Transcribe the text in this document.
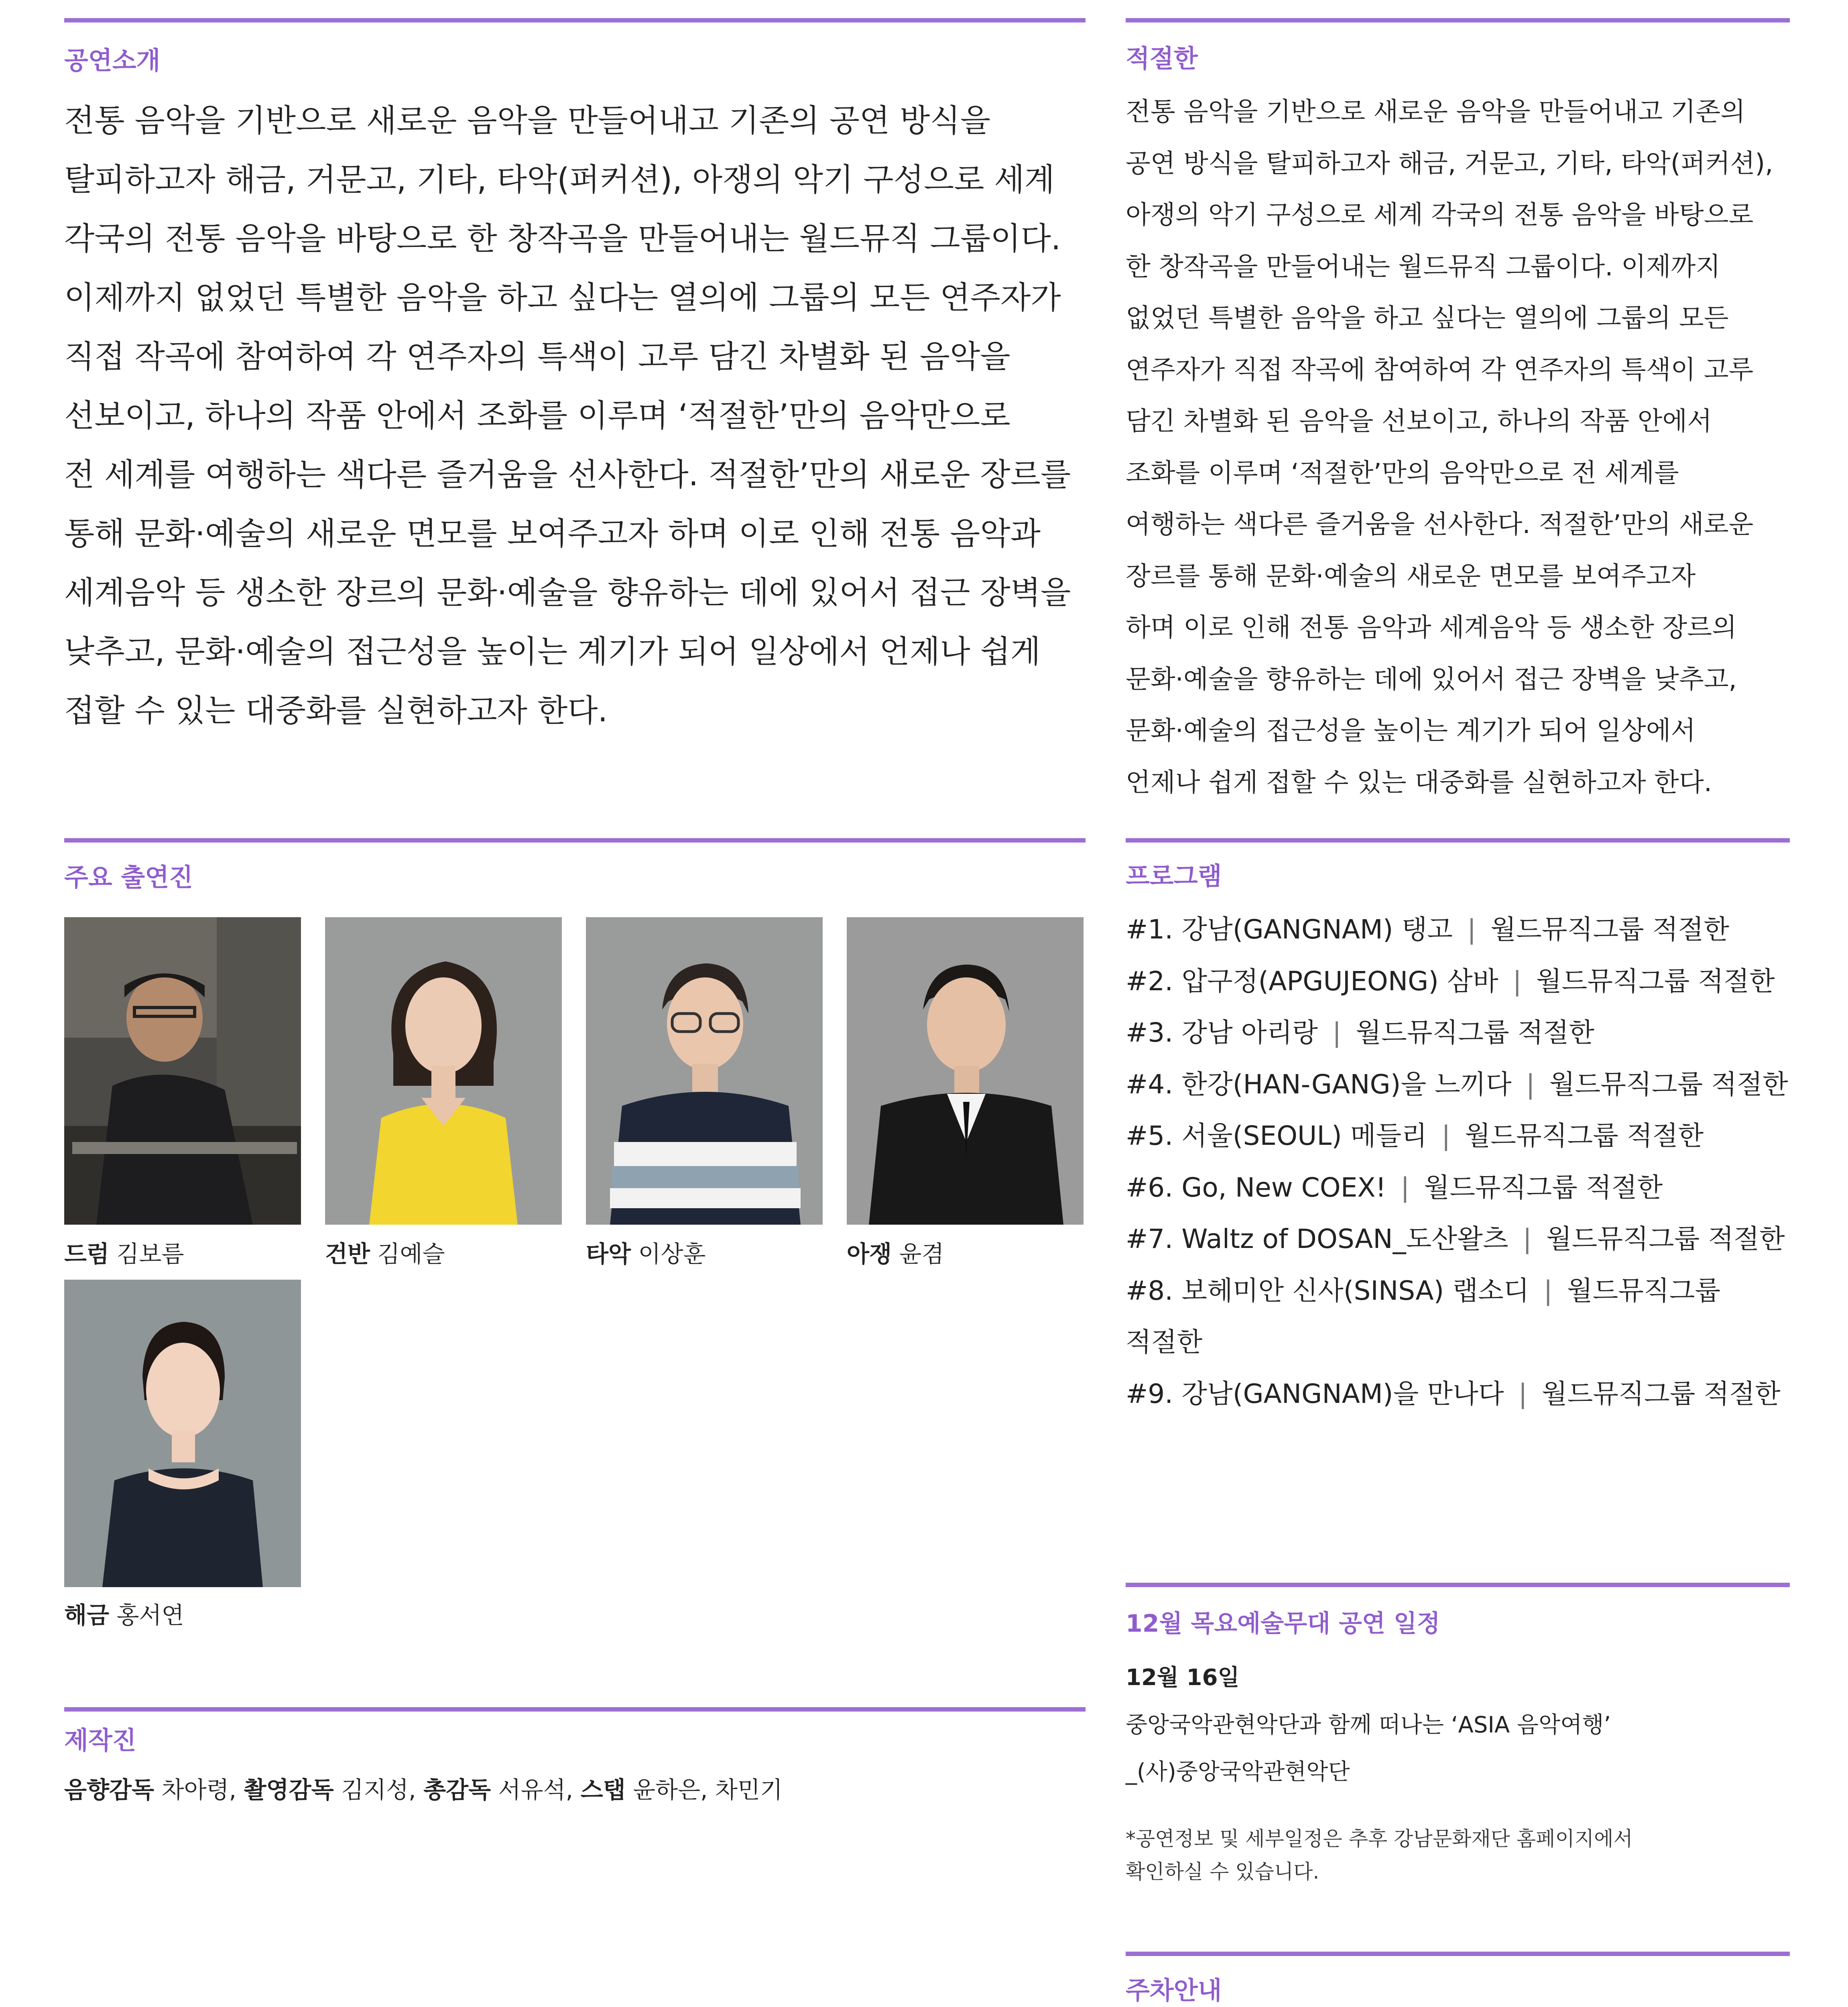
공연소개
전통 음악을 기반으로 새로운 음악을 만들어내고 기존의 공연 방식을
탈피하고자 해금, 거문고, 기타, 타악(퍼커션), 아쟁의 악기 구성으로 세계
각국의 전통 음악을 바탕으로 한 창작곡을 만들어내는 월드뮤직 그룹이다.
이제까지 없었던 특별한 음악을 하고 싶다는 열의에 그룹의 모든 연주자가
직접 작곡에 참여하여 각 연주자의 특색이 고루 담긴 차별화 된 음악을
선보이고, 하나의 작품 안에서 조화를 이루며 ‘적절한’만의 음악만으로
전 세계를 여행하는 색다른 즐거움을 선사한다. 적절한’만의 새로운 장르를
통해 문화·예술의 새로운 면모를 보여주고자 하며 이로 인해 전통 음악과
세계음악 등 생소한 장르의 문화·예술을 향유하는 데에 있어서 접근 장벽을
낮추고, 문화·예술의 접근성을 높이는 계기가 되어 일상에서 언제나 쉽게
접할 수 있는 대중화를 실현하고자 한다.
주요 출연진
드럼 김보름	건반 김예슬	타악 이상훈	아쟁 윤겸
해금 홍서연
제작진
음향감독 차아령, 촬영감독 김지성, 총감독 서유석, 스탭 윤하은, 차민기
적절한
전통 음악을 기반으로 새로운 음악을 만들어내고 기존의
공연 방식을 탈피하고자 해금, 거문고, 기타, 타악(퍼커션),
아쟁의 악기 구성으로 세계 각국의 전통 음악을 바탕으로
한 창작곡을 만들어내는 월드뮤직 그룹이다. 이제까지
없었던 특별한 음악을 하고 싶다는 열의에 그룹의 모든
연주자가 직접 작곡에 참여하여 각 연주자의 특색이 고루
담긴 차별화 된 음악을 선보이고, 하나의 작품 안에서
조화를 이루며 ‘적절한’만의 음악만으로 전 세계를
여행하는 색다른 즐거움을 선사한다. 적절한’만의 새로운
장르를 통해 문화·예술의 새로운 면모를 보여주고자
하며 이로 인해 전통 음악과 세계음악 등 생소한 장르의
문화·예술을 향유하는 데에 있어서 접근 장벽을 낮추고,
문화·예술의 접근성을 높이는 계기가 되어 일상에서
언제나 쉽게 접할 수 있는 대중화를 실현하고자 한다.
프로그램
#1. 강남(GANGNAM) 탱고 | 월드뮤직그룹 적절한
#2. 압구정(APGUJEONG) 삼바 | 월드뮤직그룹 적절한
#3. 강남 아리랑 | 월드뮤직그룹 적절한
#4. 한강(HAN-GANG)을 느끼다 | 월드뮤직그룹 적절한
#5. 서울(SEOUL) 메들리 | 월드뮤직그룹 적절한
#6. Go, New COEX! | 월드뮤직그룹 적절한
#7. Waltz of DOSAN_도산왈츠 | 월드뮤직그룹 적절한
#8. 보헤미안 신사(SINSA) 랩소디 | 월드뮤직그룹
적절한
#9. 강남(GANGNAM)을 만나다 | 월드뮤직그룹 적절한
12월 목요예술무대 공연 일정
12월 16일
중앙국악관현악단과 함께 떠나는 ‘ASIA 음악여행’
_(사)중앙국악관현악단
*공연정보 및 세부일정은 추후 강남문화재단 홈페이지에서
확인하실 수 있습니다.
주차안내
